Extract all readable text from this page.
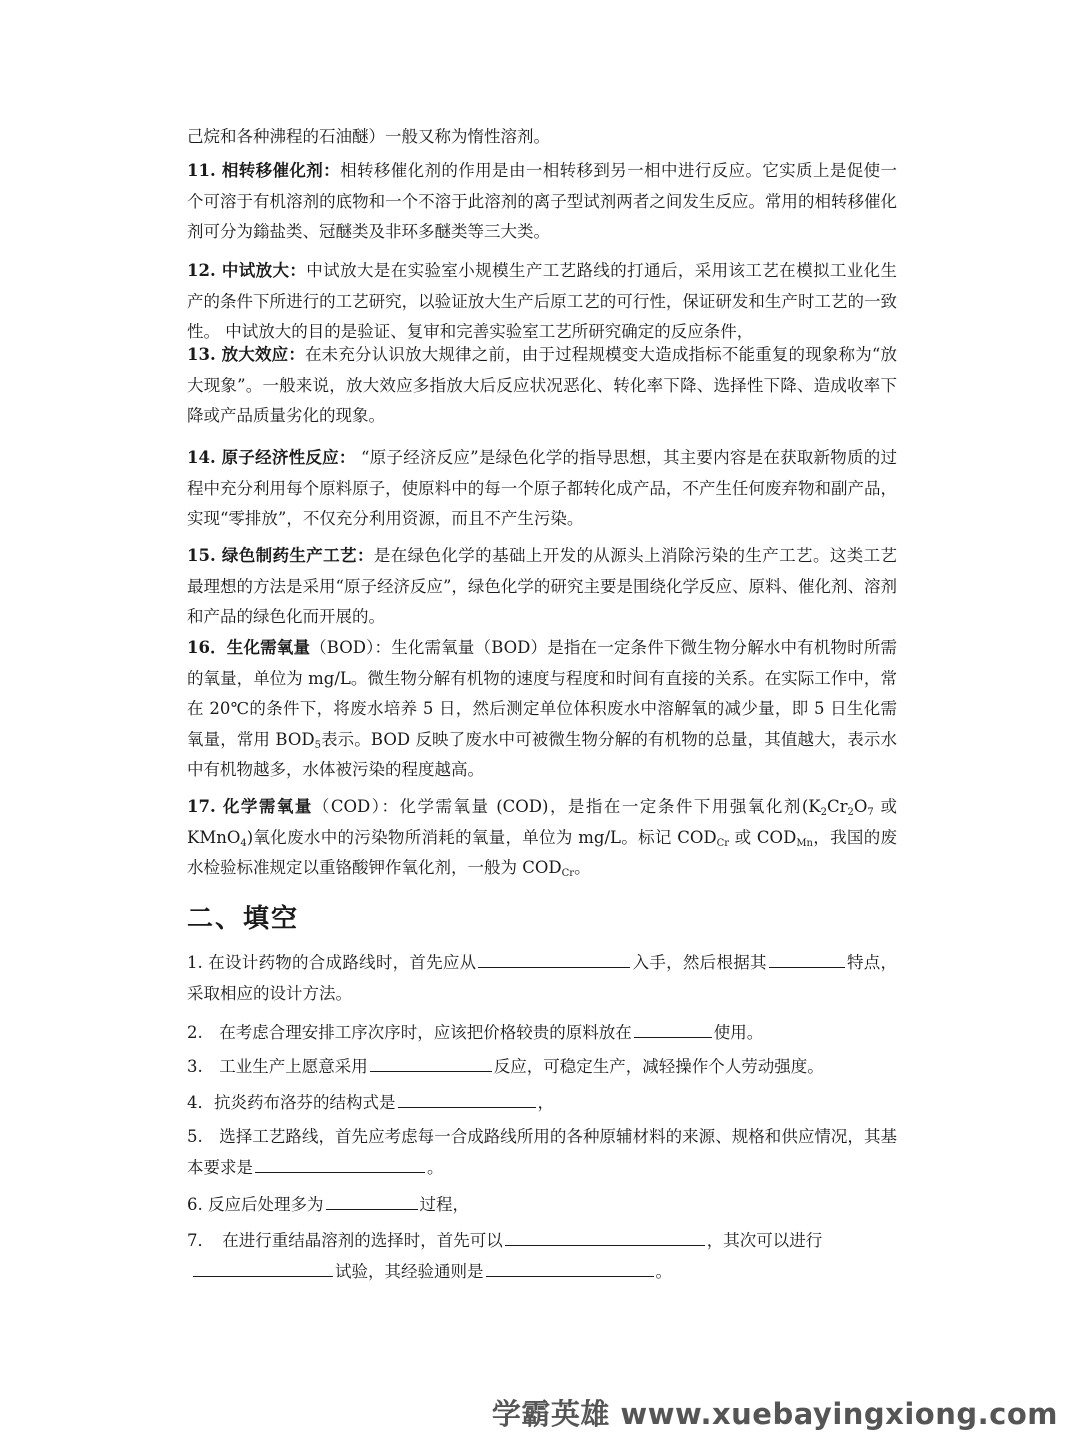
己烷和各种沸程的石油醚）一般又称为惰性溶剂。
11. 相转移催化剂：相转移催化剂的作用是由一相转移到另一相中进行反应。它实质上是促使一个可溶于有机溶剂的底物和一个不溶于此溶剂的离子型试剂两者之间发生反应。常用的相转移催化剂可分为鎓盐类、冠醚类及非环多醚类等三大类。
12. 中试放大：中试放大是在实验室小规模生产工艺路线的打通后，采用该工艺在模拟工业化生产的条件下所进行的工艺研究，以验证放大生产后原工艺的可行性，保证研发和生产时工艺的一致性。 中试放大的目的是验证、复审和完善实验室工艺所研究确定的反应条件，
13. 放大效应：在未充分认识放大规律之前，由于过程规模变大造成指标不能重复的现象称为“放大现象”。一般来说，放大效应多指放大后反应状况恶化、转化率下降、选择性下降、造成收率下降或产品质量劣化的现象。
14. 原子经济性反应： “原子经济反应”是绿色化学的指导思想，其主要内容是在获取新物质的过程中充分利用每个原料原子，使原料中的每一个原子都转化成产品，不产生任何废弃物和副产品，实现“零排放”，不仅充分利用资源，而且不产生污染。
15. 绿色制药生产工艺：是在绿色化学的基础上开发的从源头上消除污染的生产工艺。这类工艺最理想的方法是采用“原子经济反应”，绿色化学的研究主要是围绕化学反应、原料、催化剂、溶剂和产品的绿色化而开展的。
16．生化需氧量（BOD）：生化需氧量（BOD）是指在一定条件下微生物分解水中有机物时所需的氧量，单位为 mg/L。微生物分解有机物的速度与程度和时间有直接的关系。在实际工作中，常在 20℃的条件下，将废水培养 5 日，然后测定单位体积废水中溶解氧的减少量，即 5 日生化需氧量，常用 $BOD_5$表示。BOD 反映了废水中可被微生物分解的有机物的总量，其值越大，表示水中有机物越多，水体被污染的程度越高。
17. 化学需氧量（COD）：化学需氧量 (COD)，是指在一定条件下用强氧化剂($K_2Cr_2O_7$ 或 KMnO$_4$)氧化废水中的污染物所消耗的氧量，单位为 mg/L。标记 $COD_{Cr}$ 或 $COD_{Mn}$，我国的废水检验标准规定以重铬酸钾作氧化剂，一般为 $COD_{Cr}$。
二、填空
1. 在设计药物的合成路线时，首先应从	入手，然后根据其	特点，采取相应的设计方法。
2.　在考虑合理安排工序次序时，应该把价格较贵的原料放在	使用。
3.　工业生产上愿意采用	反应，可稳定生产，减轻操作个人劳动强度。
4．抗炎药布洛芬的结构式是	，
5.　选择工艺路线，首先应考虑每一合成路线所用的各种原辅材料的来源、规格和供应情况，其基本要求是	。
6. 反应后处理多为	过程，
7．　在进行重结晶溶剂的选择时，首先可以	，其次可以进行
试验，其经验通则是	。
学霸英雄 www.xuebayingxiong.com
